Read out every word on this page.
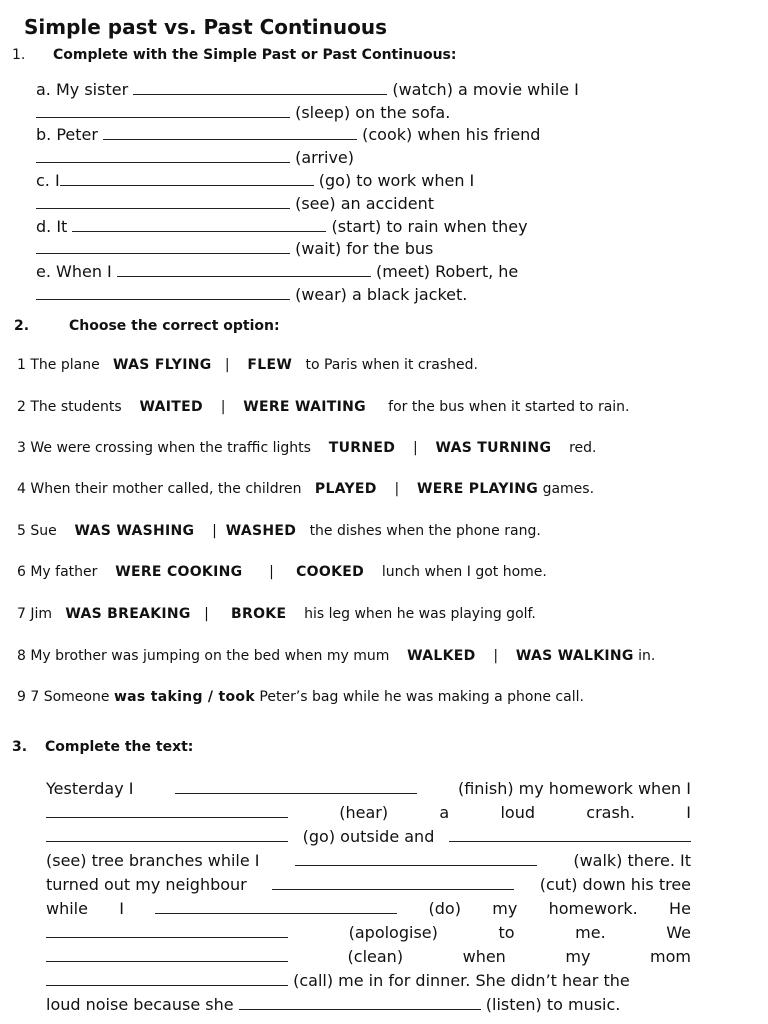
Simple past vs. Past Continuous
1. Complete with the Simple Past or Past Continuous:
a. My sister	(watch) a movie while I
(sleep) on the sofa.
b. Peter	(cook) when his friend
(arrive)
c. I	(go) to work when I
(see) an accident
d. It	(start) to rain when they
(wait) for the bus
e. When I	(meet) Robert, he
(wear) a black jacket.
2.	Choose the correct option:
1 The plane WAS FLYING | FLEW to Paris when it crashed.
2 The students WAITED | WERE WAITING for the bus when it started to rain.
3 We were crossing when the traffic lights TURNED | WAS TURNING red.
4 When their mother called, the children PLAYED | WERE PLAYING games.
5 Sue WAS WASHING | WASHED the dishes when the phone rang.
6 My father WERE COOKING | COOKED lunch when I got home.
7 Jim WAS BREAKING | BROKE his leg when he was playing golf.
8 My brother was jumping on the bed when my mum WALKED | WAS WALKING in.
9 7 Someone was taking / took Peter’s bag while he was making a phone call.
3. Complete the text:
Yesterday I	(finish) my homework when I
(hear)	a	loud	crash.	I
(go) outside and
(see) tree branches while I	(walk) there. It
turned out my neighbour	(cut) down his tree
while I	(do) my homework. He
(apologise)	to	me.	We
(clean)	when	my	mom
(call) me in for dinner. She didn’t hear the
loud noise because she	(listen) to music.
